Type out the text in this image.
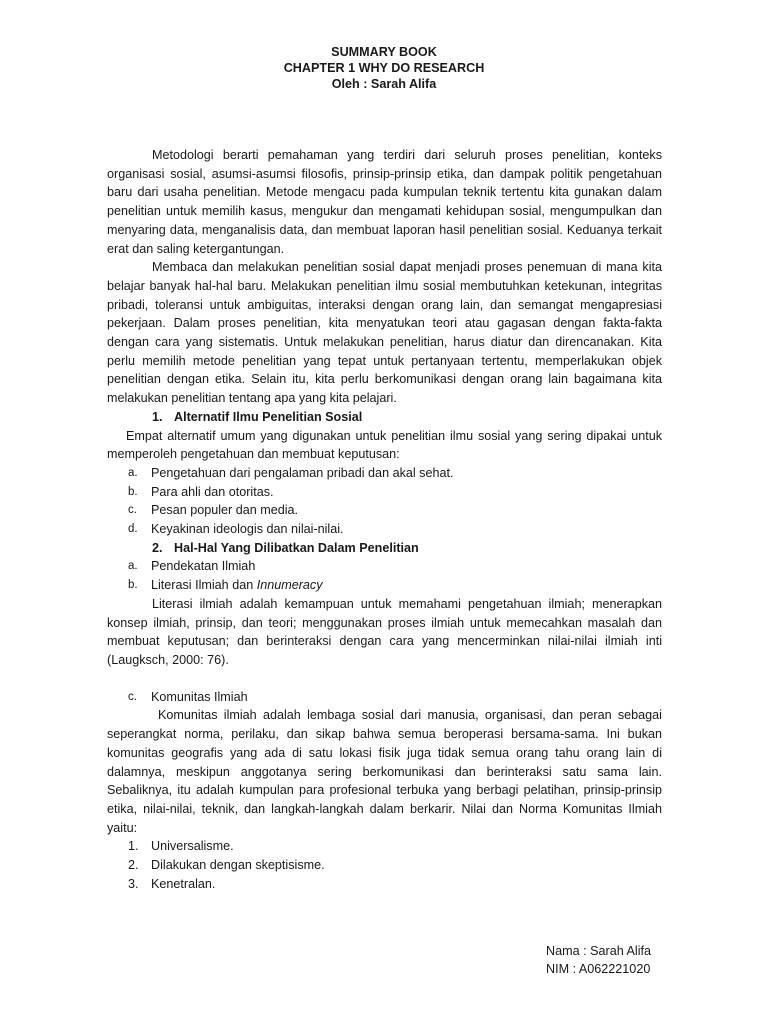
SUMMARY BOOK
CHAPTER 1 WHY DO RESEARCH
Oleh : Sarah Alifa

Metodologi berarti pemahaman yang terdiri dari seluruh proses penelitian, konteks organisasi sosial, asumsi-asumsi filosofis, prinsip-prinsip etika, dan dampak politik pengetahuan baru dari usaha penelitian. Metode mengacu pada kumpulan teknik tertentu kita gunakan dalam penelitian untuk memilih kasus, mengukur dan mengamati kehidupan sosial, mengumpulkan dan menyaring data, menganalisis data, dan membuat laporan hasil penelitian sosial. Keduanya terkait erat dan saling ketergantungan.

Membaca dan melakukan penelitian sosial dapat menjadi proses penemuan di mana kita belajar banyak hal-hal baru. Melakukan penelitian ilmu sosial membutuhkan ketekunan, integritas pribadi, toleransi untuk ambiguitas, interaksi dengan orang lain, dan semangat mengapresiasi pekerjaan. Dalam proses penelitian, kita menyatukan teori atau gagasan dengan fakta-fakta dengan cara yang sistematis. Untuk melakukan penelitian, harus diatur dan direncanakan. Kita perlu memilih metode penelitian yang tepat untuk pertanyaan tertentu, memperlakukan objek penelitian dengan etika. Selain itu, kita perlu berkomunikasi dengan orang lain bagaimana kita melakukan penelitian tentang apa yang kita pelajari.

1. Alternatif Ilmu Penelitian Sosial

Empat alternatif umum yang digunakan untuk penelitian ilmu sosial yang sering dipakai untuk memperoleh pengetahuan dan membuat keputusan:

a.	Pengetahuan dari pengalaman pribadi dan akal sehat.
b.	Para ahli dan otoritas.
c.	Pesan populer dan media.
d.	Keyakinan ideologis dan nilai-nilai.
2. Hal-Hal Yang Dilibatkan Dalam Penelitian
a.	Pendekatan Ilmiah
b.	Literasi Ilmiah dan Innumeracy

Literasi ilmiah adalah kemampuan untuk memahami pengetahuan ilmiah; menerapkan konsep ilmiah, prinsip, dan teori; menggunakan proses ilmiah untuk memecahkan masalah dan membuat keputusan; dan berinteraksi dengan cara yang mencerminkan nilai-nilai ilmiah inti (Laugksch, 2000: 76).

c.	Komunitas Ilmiah

Komunitas ilmiah adalah lembaga sosial dari manusia, organisasi, dan peran sebagai seperangkat norma, perilaku, dan sikap bahwa semua beroperasi bersama-sama. Ini bukan komunitas geografis yang ada di satu lokasi fisik juga tidak semua orang tahu orang lain di dalamnya, meskipun anggotanya sering berkomunikasi dan berinteraksi satu sama lain. Sebaliknya, itu adalah kumpulan para profesional terbuka yang berbagi pelatihan, prinsip-prinsip etika, nilai-nilai, teknik, dan langkah-langkah dalam berkarir. Nilai dan Norma Komunitas Ilmiah yaitu:

1. Universalisme.
2. Dilakukan dengan skeptisisme.
3. Kenetralan.
Nama : Sarah Alifa
NIM : A062221020
